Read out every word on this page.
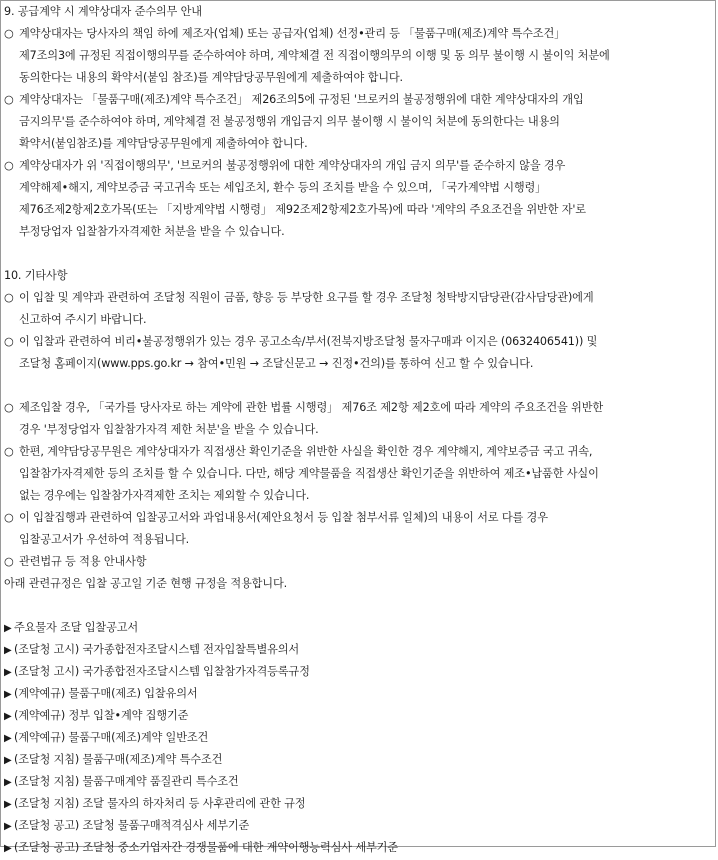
9. 공급계약 시 계약상대자 준수의무 안내
○ 계약상대자는 당사자의 책임 하에 제조자(업체) 또는 공급자(업체) 선정•관리 등 「물품구매(제조)계약 특수조건」
제7조의3에 규정된 직접이행의무를 준수하여야 하며, 계약체결 전 직접이행의무의 이행 및 동 의무 불이행 시 불이익 처분에
동의한다는 내용의 확약서(붙임 참조)를 계약담당공무원에게 제출하여야 합니다.
○ 계약상대자는 「물품구매(제조)계약 특수조건」 제26조의5에 규정된 '브로커의 불공정행위에 대한 계약상대자의 개입
금지의무'를 준수하여야 하며, 계약체결 전 불공정행위 개입금지 의무 불이행 시 불이익 처분에 동의한다는 내용의
확약서(붙임참조)를 계약담당공무원에게 제출하여야 합니다.
○ 계약상대자가 위 '직접이행의무', '브로커의 불공정행위에 대한 계약상대자의 개입 금지 의무'를 준수하지 않을 경우
계약해제•해지, 계약보증금 국고귀속 또는 세입조치, 환수 등의 조치를 받을 수 있으며, 「국가계약법 시행령」
제76조제2항제2호가목(또는 「지방계약법 시행령」 제92조제2항제2호가목)에 따라 '계약의 주요조건을 위반한 자'로
부정당업자 입찰참가자격제한 처분을 받을 수 있습니다.
10. 기타사항
○ 이 입찰 및 계약과 관련하여 조달청 직원이 금품, 향응 등 부당한 요구를 할 경우 조달청 청탁방지담당관(감사담당관)에게
신고하여 주시기 바랍니다.
○ 이 입찰과 관련하여 비리•불공정행위가 있는 경우 공고소속/부서(전북지방조달청 물자구매과 이지은 (0632406541)) 및
조달청 홈페이지(www.pps.go.kr → 참여•민원 → 조달신문고 → 진정•건의)를 통하여 신고 할 수 있습니다.
○ 제조입찰 경우, 「국가를 당사자로 하는 계약에 관한 법률 시행령」 제76조 제2항 제2호에 따라 계약의 주요조건을 위반한
경우 '부정당업자 입찰참가자격 제한 처분'을 받을 수 있습니다.
○ 한편, 계약담당공무원은 계약상대자가 직접생산 확인기준을 위반한 사실을 확인한 경우 계약해지, 계약보증금 국고 귀속,
입찰참가자격제한 등의 조치를 할 수 있습니다. 다만, 해당 계약물품을 직접생산 확인기준을 위반하여 제조•납품한 사실이
없는 경우에는 입찰참가자격제한 조치는 제외할 수 있습니다.
○ 이 입찰집행과 관련하여 입찰공고서와 과업내용서(제안요청서 등 입찰 첨부서류 일체)의 내용이 서로 다를 경우
입찰공고서가 우선하여 적용됩니다.
○ 관련법규 등 적용 안내사항
아래 관련규정은 입찰 공고일 기준 현행 규정을 적용합니다.
▶ 주요물자 조달 입찰공고서
▶ (조달청 고시) 국가종합전자조달시스템 전자입찰특별유의서
▶ (조달청 고시) 국가종합전자조달시스템 입찰참가자격등록규정
▶ (계약예규) 물품구매(제조) 입찰유의서
▶ (계약예규) 정부 입찰•계약 집행기준
▶ (계약예규) 물품구매(제조)계약 일반조건
▶ (조달청 지침) 물품구매(제조)계약 특수조건
▶ (조달청 지침) 물품구매계약 품질관리 특수조건
▶ (조달청 지침) 조달 물자의 하자처리 등 사후관리에 관한 규정
▶ (조달청 공고) 조달청 물품구매적격심사 세부기준
▶ (조달청 공고) 조달청 중소기업자간 경쟁물품에 대한 계약이행능력심사 세부기준
